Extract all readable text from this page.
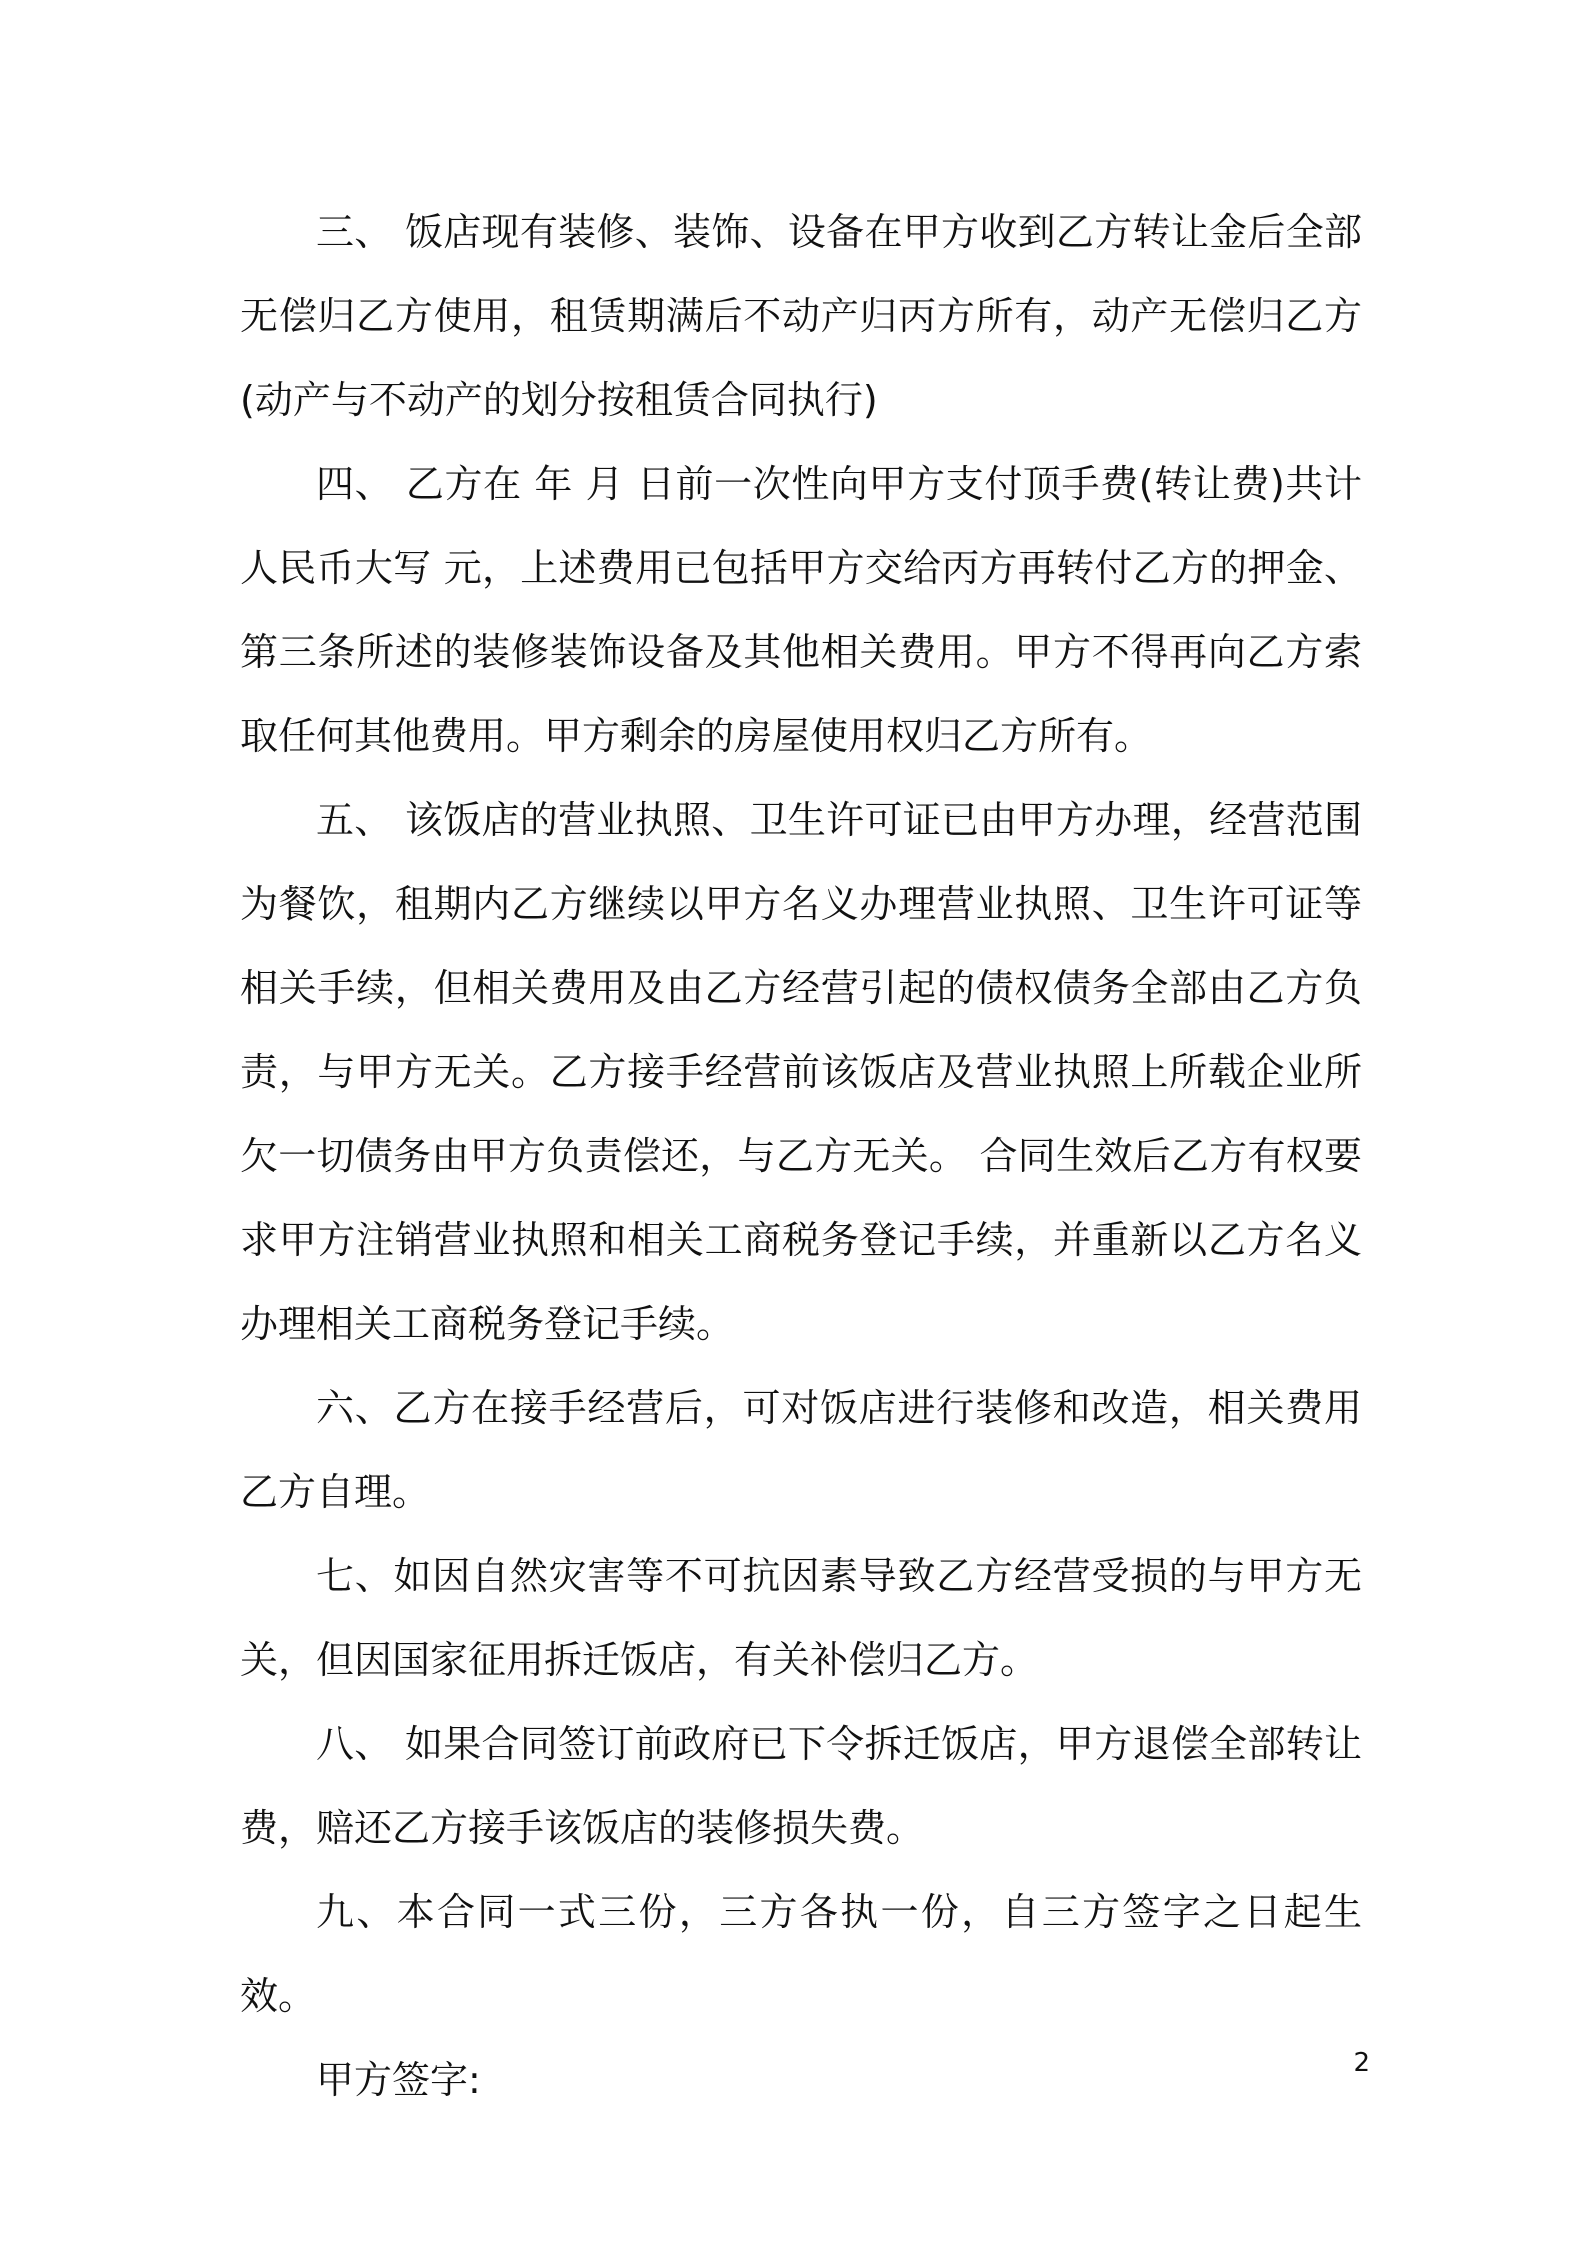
三、 饭店现有装修、装饰、设备在甲方收到乙方转让金后全部无偿归乙方使用，租赁期满后不动产归丙方所有，动产无偿归乙方(动产与不动产的划分按租赁合同执行)

四、 乙方在 年 月 日前一次性向甲方支付顶手费(转让费)共计人民币大写 元，上述费用已包括甲方交给丙方再转付乙方的押金、第三条所述的装修装饰设备及其他相关费用。甲方不得再向乙方索取任何其他费用。甲方剩余的房屋使用权归乙方所有。

五、 该饭店的营业执照、卫生许可证已由甲方办理，经营范围为餐饮，租期内乙方继续以甲方名义办理营业执照、卫生许可证等相关手续，但相关费用及由乙方经营引起的债权债务全部由乙方负责，与甲方无关。乙方接手经营前该饭店及营业执照上所载企业所欠一切债务由甲方负责偿还，与乙方无关。 合同生效后乙方有权要求甲方注销营业执照和相关工商税务登记手续，并重新以乙方名义办理相关工商税务登记手续。

六、乙方在接手经营后，可对饭店进行装修和改造，相关费用乙方自理。

七、如因自然灾害等不可抗因素导致乙方经营受损的与甲方无关，但因国家征用拆迁饭店，有关补偿归乙方。

八、 如果合同签订前政府已下令拆迁饭店，甲方退偿全部转让费，赔还乙方接手该饭店的装修损失费。

九、本合同一式三份，三方各执一份，自三方签字之日起生效。

甲方签字:	2
